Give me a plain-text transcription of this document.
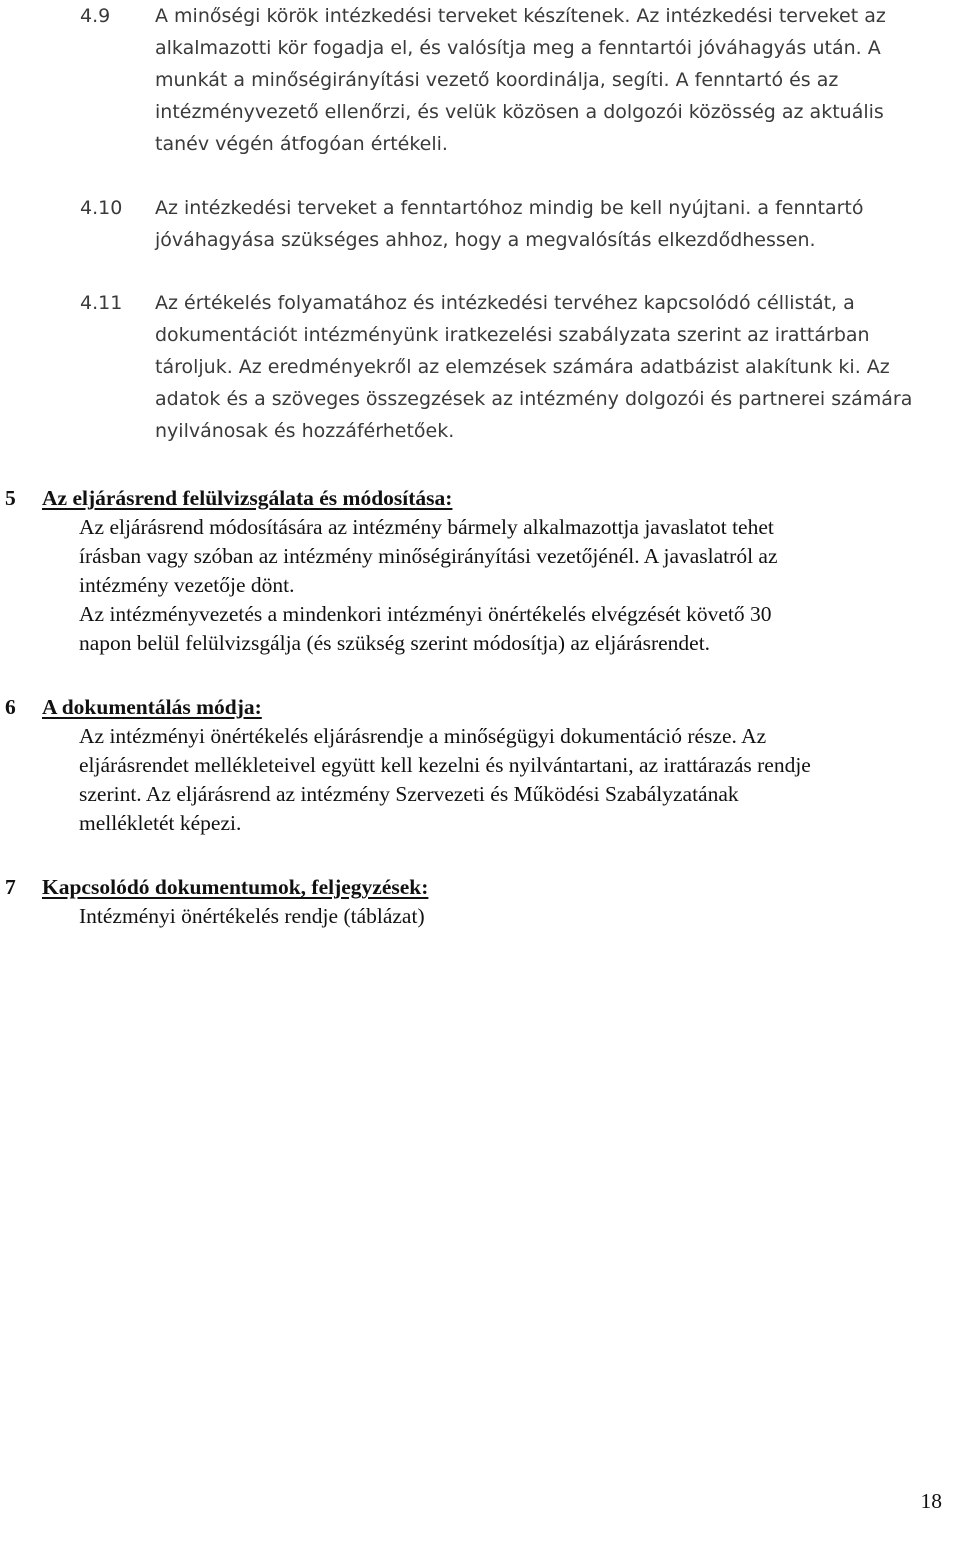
4.9 A minőségi körök intézkedési terveket készítenek. Az intézkedési terveket az
alkalmazotti kör fogadja el, és valósítja meg a fenntartói jóváhagyás után. A
munkát a minőségirányítási vezető koordinálja, segíti. A fenntartó és az
intézményvezető ellenőrzi, és velük közösen a dolgozói közösség az aktuális
tanév végén átfogóan értékeli.
4.10 Az intézkedési terveket a fenntartóhoz mindig be kell nyújtani. a fenntartó
jóváhagyása szükséges ahhoz, hogy a megvalósítás elkezdődhessen.
4.11 Az értékelés folyamatához és intézkedési tervéhez kapcsolódó céllistát, a
dokumentációt intézményünk iratkezelési szabályzata szerint az irattárban
tároljuk. Az eredményekről az elemzések számára adatbázist alakítunk ki. Az
adatok és a szöveges összegzések az intézmény dolgozói és partnerei számára
nyilvánosak és hozzáférhetőek.
5 Az eljárásrend felülvizsgálata és módosítása:
Az eljárásrend módosítására az intézmény bármely alkalmazottja javaslatot tehet
írásban vagy szóban az intézmény minőségirányítási vezetőjénél. A javaslatról az
intézmény vezetője dönt.
Az intézményvezetés a mindenkori intézményi önértékelés elvégzését követő 30
napon belül felülvizsgálja (és szükség szerint módosítja) az eljárásrendet.
6 A dokumentálás módja:
Az intézményi önértékelés eljárásrendje a minőségügyi dokumentáció része. Az
eljárásrendet mellékleteivel együtt kell kezelni és nyilvántartani, az irattárazás rendje
szerint. Az eljárásrend az intézmény Szervezeti és Működési Szabályzatának
mellékletét képezi.
7 Kapcsolódó dokumentumok, feljegyzések:
Intézményi önértékelés rendje (táblázat)
18
